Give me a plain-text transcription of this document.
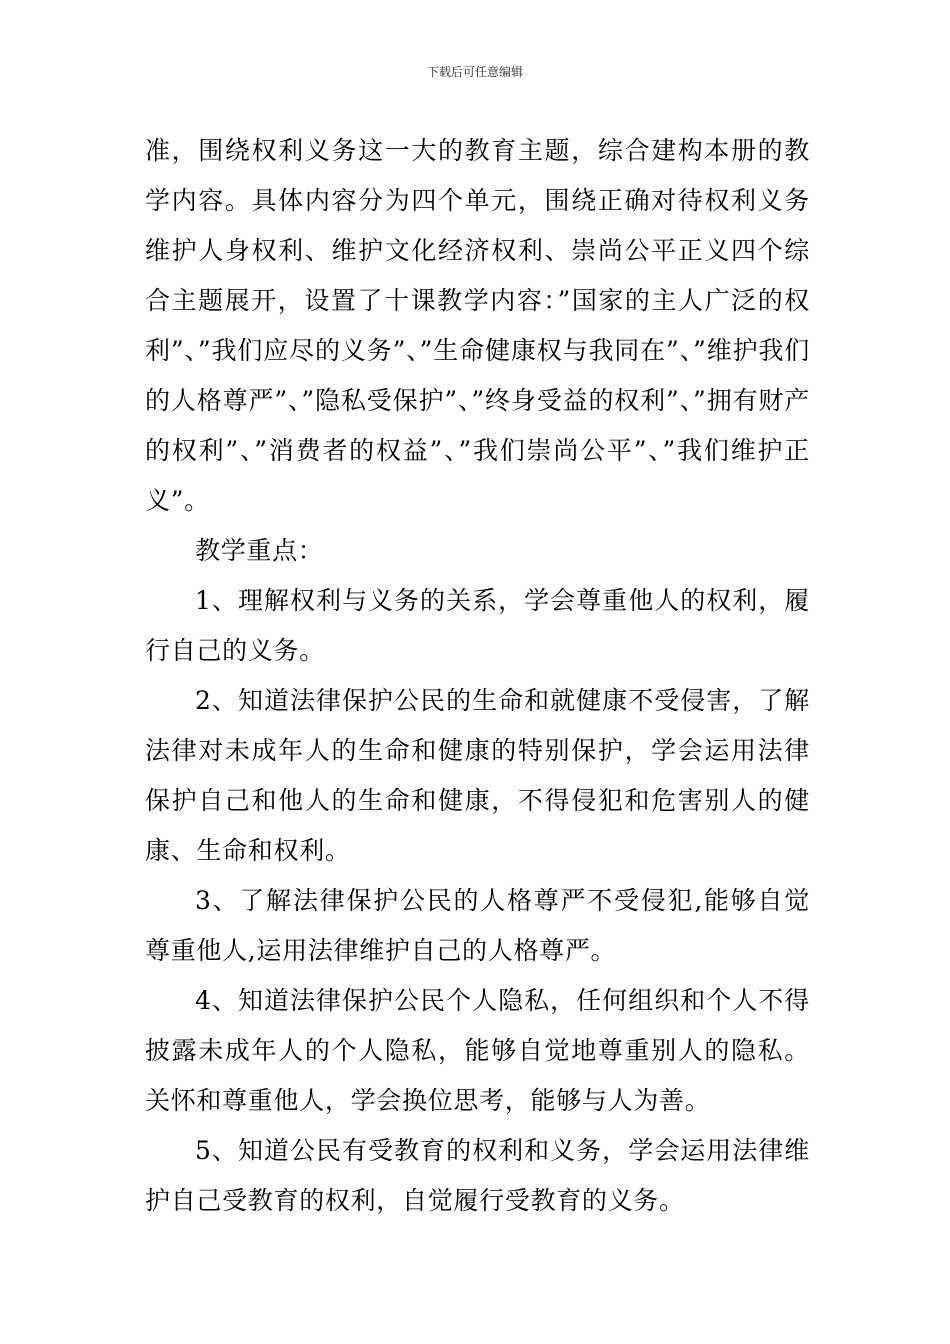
下载后可任意编辑

准，围绕权利义务这一大的教育主题，综合建构本册的教学内容。具体内容分为四个单元，围绕正确对待权利义务维护人身权利、维护文化经济权利、崇尚公平正义四个综合主题展开，设置了十课教学内容：”国家的主人广泛的权利”、”我们应尽的义务”、”生命健康权与我同在”、”维护我们的人格尊严”、”隐私受保护”、”终身受益的权利”、”拥有财产的权利”、”消费者的权益”、”我们崇尚公平”、”我们维护正义”。

教学重点：

1、理解权利与义务的关系，学会尊重他人的权利，履行自己的义务。

2、知道法律保护公民的生命和就健康不受侵害，了解法律对未成年人的生命和健康的特别保护，学会运用法律保护自己和他人的生命和健康，不得侵犯和危害别人的健康、生命和权利。

3、了解法律保护公民的人格尊严不受侵犯,能够自觉尊重他人,运用法律维护自己的人格尊严。

4、知道法律保护公民个人隐私，任何组织和个人不得披露未成年人的个人隐私，能够自觉地尊重别人的隐私。关怀和尊重他人，学会换位思考，能够与人为善。

5、知道公民有受教育的权利和义务，学会运用法律维护自己受教育的权利，自觉履行受教育的义务。
